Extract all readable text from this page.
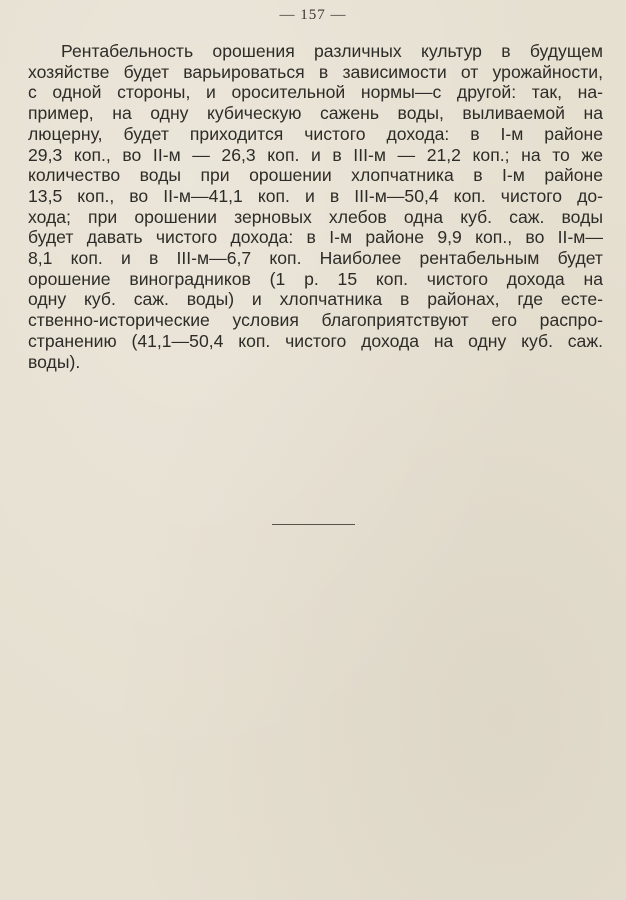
— 157 —

Рентабельность орошения различных культур в будущем
хозяйстве будет варьироваться в зависимости от урожайности,
с одной стороны, и оросительной нормы—с другой: так, на-
пример, на одну кубическую сажень воды, выливаемой на
люцерну, будет приходится чистого дохода: в I-м районе
29,3 коп., во II-м — 26,3 коп. и в III-м — 21,2 коп.; на то же
количество воды при орошении хлопчатника в I-м районе
13,5 коп., во II-м—41,1 коп. и в III-м—50,4 коп. чистого до-
хода; при орошении зерновых хлебов одна куб. саж. воды
будет давать чистого дохода: в I-м районе 9,9 коп., во II-м—
8,1 коп. и в III-м—6,7 коп. Наиболее рентабельным будет
орошение виноградников (1 р. 15 коп. чистого дохода на
одну куб. саж. воды) и хлопчатника в районах, где есте-
ственно-исторические условия благоприятствуют его распро-
странению (41,1—50,4 коп. чистого дохода на одну куб. саж.
воды).
